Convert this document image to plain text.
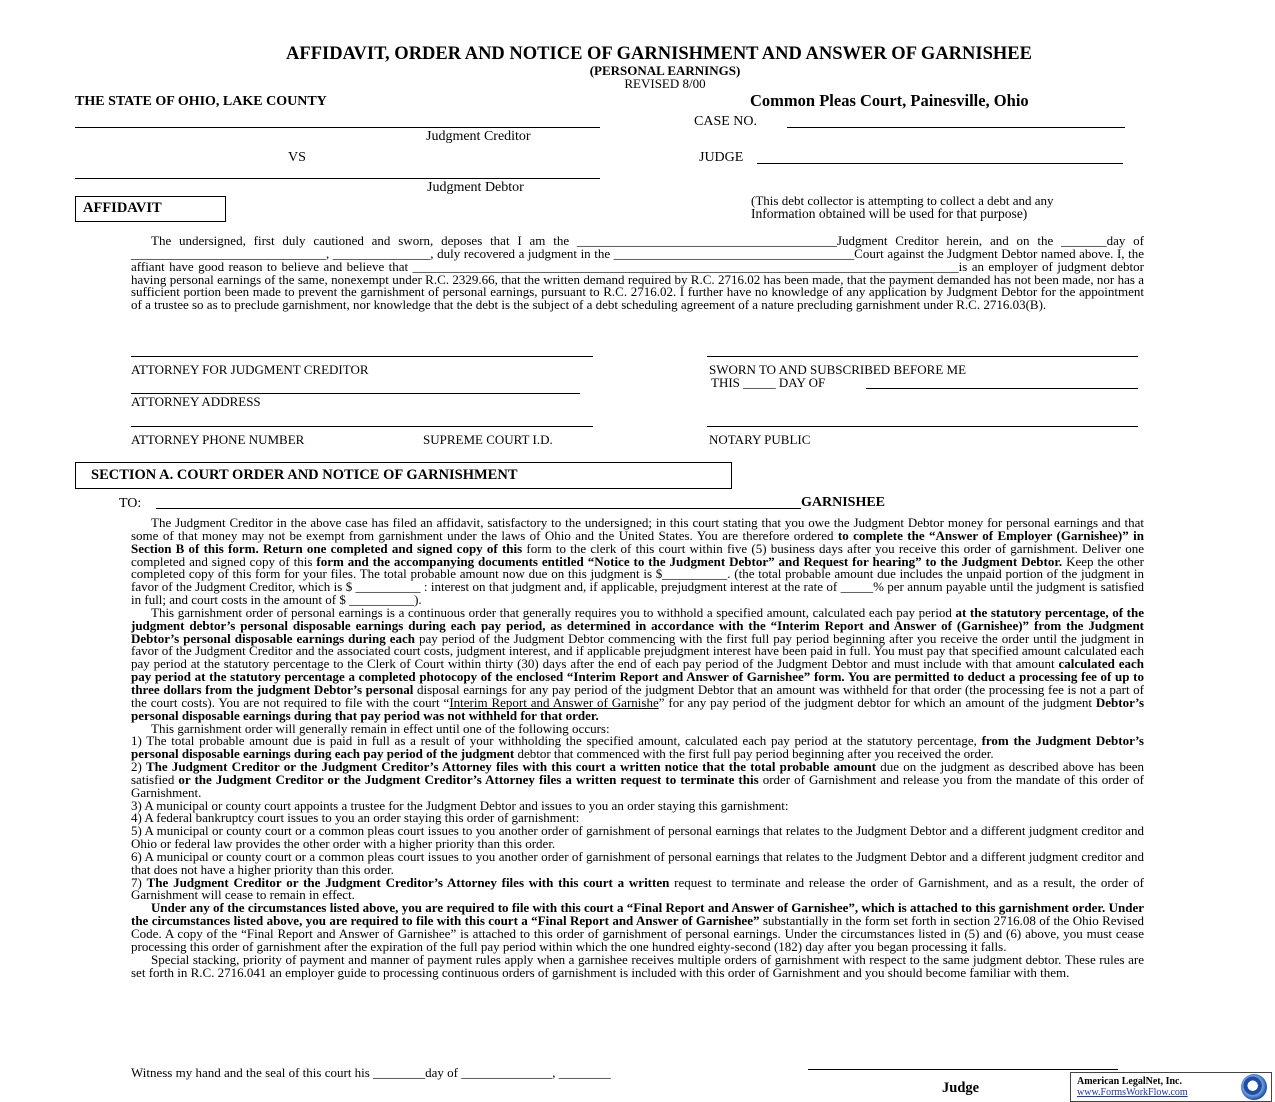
AFFIDAVIT, ORDER AND NOTICE OF GARNISHMENT AND ANSWER OF GARNISHEE
(PERSONAL EARNINGS)
REVISED 8/00
THE STATE OF OHIO, LAKE COUNTY	Common Pleas Court, Painesville, Ohio
Judgment Creditor
VS
Judgment Debtor
CASE NO.
JUDGE
(This debt collector is attempting to collect a debt and any
Information obtained will be used for that purpose)
AFFIDAVIT

The undersigned, first duly cautioned and sworn, deposes that I am the ________________________________________Judgment Creditor herein, and on the _______day of ______________________________, _______________, duly recovered a judgment in the _____________________________________Court against the Judgment Debtor named above. I, the affiant have good reason to believe and believe that ____________________________________________________________________________________is an employer of judgment debtor having personal earnings of the same, nonexempt under R.C. 2329.66, that the written demand required by R.C. 2716.02 has been made, that the payment demanded has not been made, nor has a sufficient portion been made to prevent the garnishment of personal earnings, pursuant to R.C. 2716.02. I further have no knowledge of any application by Judgment Debtor for the appointment of a trustee so as to preclude garnishment, nor knowledge that the debt is the subject of a debt scheduling agreement of a nature precluding garnishment under R.C. 2716.03(B).

ATTORNEY FOR JUDGMENT CREDITOR
ATTORNEY ADDRESS
ATTORNEY PHONE NUMBER	SUPREME COURT I.D.
SWORN TO AND SUBSCRIBED BEFORE ME
THIS _____ DAY OF
NOTARY PUBLIC
SECTION A. COURT ORDER AND NOTICE OF GARNISHMENT
TO:	GARNISHEE

The Judgment Creditor in the above case has filed an affidavit, satisfactory to the undersigned; in this court stating that you owe the Judgment Debtor money for personal earnings and that some of that money may not be exempt from garnishment under the laws of Ohio and the United States. You are therefore ordered to complete the “Answer of Employer (Garnishee)” in Section B of this form. Return one completed and signed copy of this form to the clerk of this court within five (5) business days after you receive this order of garnishment. Deliver one completed and signed copy of this form and the accompanying documents entitled “Notice to the Judgment Debtor” and Request for hearing” to the Judgment Debtor. Keep the other completed copy of this form for your files. The total probable amount now due on this judgment is $__________. (the total probable amount due includes the unpaid portion of the judgment in favor of the Judgment Creditor, which is $ __________ : interest on that judgment and, if applicable, prejudgment interest at the rate of _____% per annum payable until the judgment is satisfied in full; and court costs in the amount of $ __________).

This garnishment order of personal earnings is a continuous order that generally requires you to withhold a specified amount, calculated each pay period at the statutory percentage, of the judgment debtor’s personal disposable earnings during each pay period, as determined in accordance with the “Interim Report and Answer of (Garnishee)” from the Judgment Debtor’s personal disposable earnings during each pay period of the Judgment Debtor commencing with the first full pay period beginning after you receive the order until the judgment in favor of the Judgment Creditor and the associated court costs, judgment interest, and if applicable prejudgment interest have been paid in full. You must pay that specified amount calculated each pay period at the statutory percentage to the Clerk of Court within thirty (30) days after the end of each pay period of the Judgment Debtor and must include with that amount calculated each pay period at the statutory percentage a completed photocopy of the enclosed “Interim Report and Answer of Garnishee” form. You are permitted to deduct a processing fee of up to three dollars from the judgment Debtor’s personal disposal earnings for any pay period of the judgment Debtor that an amount was withheld for that order (the processing fee is not a part of the court costs). You are not required to file with the court “Interim Report and Answer of Garnishe” for any pay period of the judgment debtor for which an amount of the judgment Debtor’s personal disposable earnings during that pay period was not withheld for that order.

This garnishment order will generally remain in effect until one of the following occurs:

1) The total probable amount due is paid in full as a result of your withholding the specified amount, calculated each pay period at the statutory percentage, from the Judgment Debtor’s personal disposable earnings during each pay period of the judgment debtor that commenced with the first full pay period beginning after you received the order.

2) The Judgment Creditor or the Judgment Creditor’s Attorney files with this court a written notice that the total probable amount due on the judgment as described above has been satisfied or the Judgment Creditor or the Judgment Creditor’s Attorney files a written request to terminate this order of Garnishment and release you from the mandate of this order of Garnishment.

3) A municipal or county court appoints a trustee for the Judgment Debtor and issues to you an order staying this garnishment:

4) A federal bankruptcy court issues to you an order staying this order of garnishment:

5) A municipal or county court or a common pleas court issues to you another order of garnishment of personal earnings that relates to the Judgment Debtor and a different judgment creditor and Ohio or federal law provides the other order with a higher priority than this order.

6) A municipal or county court or a common pleas court issues to you another order of garnishment of personal earnings that relates to the Judgment Debtor and a different judgment creditor and that does not have a higher priority than this order.

7) The Judgment Creditor or the Judgment Creditor’s Attorney files with this court a written request to terminate and release the order of Garnishment, and as a result, the order of Garnishment will cease to remain in effect.

Under any of the circumstances listed above, you are required to file with this court a “Final Report and Answer of Garnishee”, which is attached to this garnishment order. Under the circumstances listed above, you are required to file with this court a “Final Report and Answer of Garnishee” substantially in the form set forth in section 2716.08 of the Ohio Revised Code. A copy of the “Final Report and Answer of Garnishee” is attached to this order of garnishment of personal earnings. Under the circumstances listed in (5) and (6) above, you must cease processing this order of garnishment after the expiration of the full pay period within which the one hundred eighty-second (182) day after you began processing it falls.

Special stacking, priority of payment and manner of payment rules apply when a garnishee receives multiple orders of garnishment with respect to the same judgment debtor. These rules are set forth in R.C. 2716.041 an employer guide to processing continuous orders of garnishment is included with this order of Garnishment and you should become familiar with them.

Witness my hand and the seal of this court his ________day of ______________, ________
Judge	American LegalNet, Inc.
www.FormsWorkFlow.com
